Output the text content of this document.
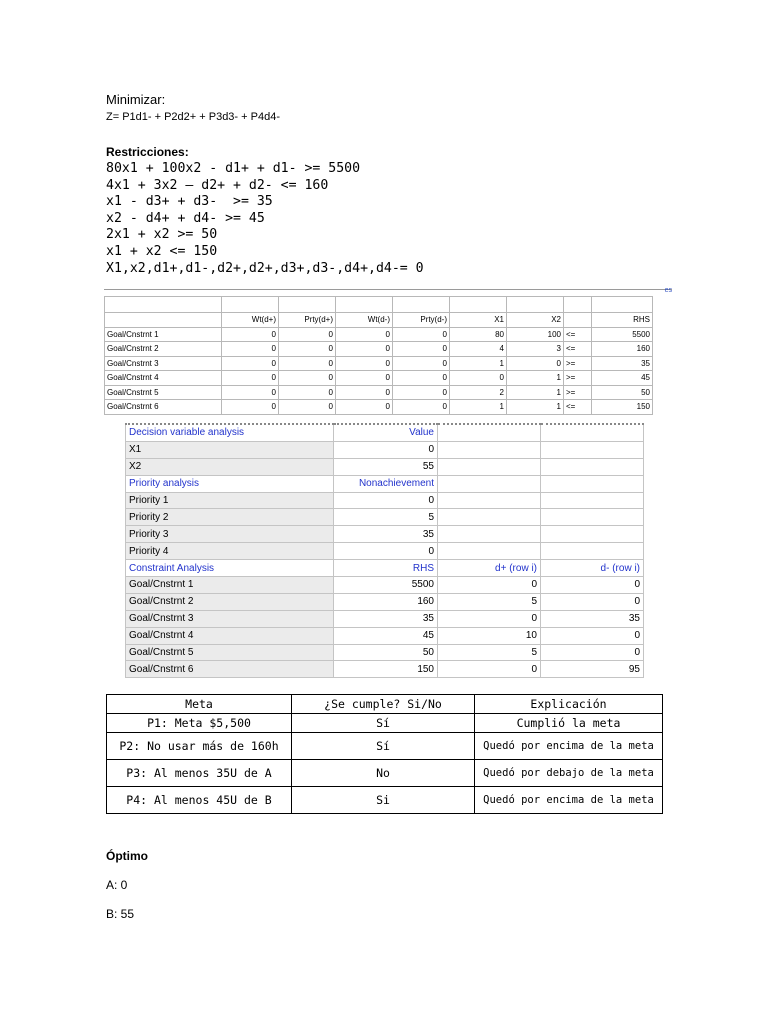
Minimizar:
Z= P1d1- + P2d2+ + P3d3- + P4d4-
Restricciones:
80x1 + 100x2 - d1+ + d1- >= 5500
4x1 + 3x2 – d2+ + d2- <= 160
x1 - d3+ + d3-  >= 35
x2 - d4+ + d4- >= 45
2x1 + x2 >= 50
x1 + x2 <= 150
X1,x2,d1+,d1-,d2+,d2+,d3+,d3-,d4+,d4-= 0
es

	Wt(d+)	Prty(d+)	Wt(d-)	Prty(d-)	X1	X2		RHS
Goal/Cnstrnt 1	0	0	0	0	80	100	<=	5500
Goal/Cnstrnt 2	0	0	0	0	4	3	<=	160
Goal/Cnstrnt 3	0	0	0	0	1	0	>=	35
Goal/Cnstrnt 4	0	0	0	0	0	1	>=	45
Goal/Cnstrnt 5	0	0	0	0	2	1	>=	50
Goal/Cnstrnt 6	0	0	0	0	1	1	<=	150
Decision variable analysis	Value		
X1	0		
X2	55		
Priority analysis	Nonachievement		
Priority 1	0		
Priority 2	5		
Priority 3	35		
Priority 4	0		
Constraint Analysis	RHS	d+ (row i)	d- (row i)
Goal/Cnstrnt 1	5500	0	0
Goal/Cnstrnt 2	160	5	0
Goal/Cnstrnt 3	35	0	35
Goal/Cnstrnt 4	45	10	0
Goal/Cnstrnt 5	50	5	0
Goal/Cnstrnt 6	150	0	95
Meta	¿Se cumple? Si/No	Explicación
P1: Meta $5,500	Sí	Cumplió la meta
P2: No usar más de 160h	Sí	Quedó por encima de la meta
P3: Al menos 35U de A	No	Quedó por debajo de la meta
P4: Al menos 45U de B	Si	Quedó por encima de la meta
Óptimo
A: 0
B: 55
